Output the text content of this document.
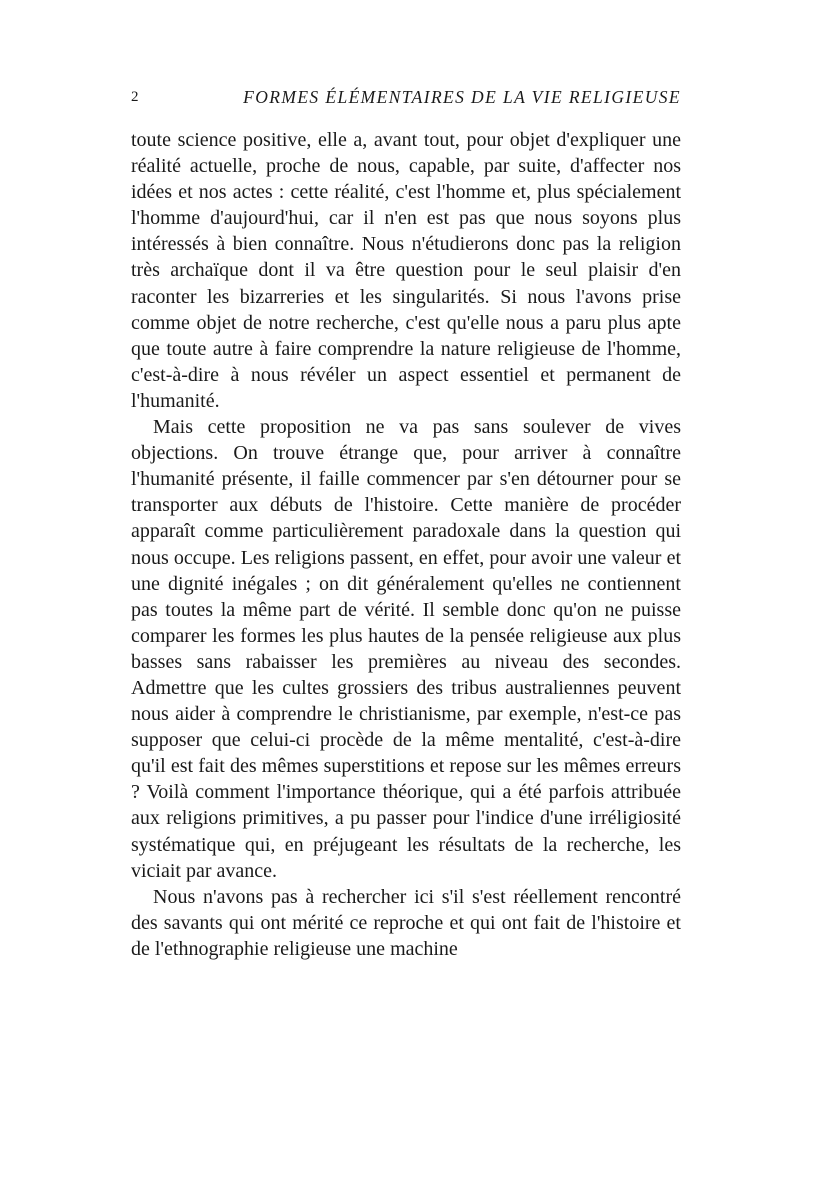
2	FORMES ÉLÉMENTAIRES DE LA VIE RELIGIEUSE

toute science positive, elle a, avant tout, pour objet d'expliquer une réalité actuelle, proche de nous, capable, par suite, d'affecter nos idées et nos actes : cette réalité, c'est l'homme et, plus spécialement l'homme d'aujourd'hui, car il n'en est pas que nous soyons plus intéressés à bien connaître. Nous n'étudierons donc pas la religion très archaïque dont il va être question pour le seul plaisir d'en raconter les bizarreries et les singularités. Si nous l'avons prise comme objet de notre recherche, c'est qu'elle nous a paru plus apte que toute autre à faire comprendre la nature religieuse de l'homme, c'est-à-dire à nous révéler un aspect essentiel et permanent de l'humanité.

Mais cette proposition ne va pas sans soulever de vives objections. On trouve étrange que, pour arriver à connaître l'humanité présente, il faille commencer par s'en détourner pour se transporter aux débuts de l'histoire. Cette manière de procéder apparaît comme particulièrement paradoxale dans la question qui nous occupe. Les religions passent, en effet, pour avoir une valeur et une dignité inégales ; on dit généralement qu'elles ne contiennent pas toutes la même part de vérité. Il semble donc qu'on ne puisse comparer les formes les plus hautes de la pensée religieuse aux plus basses sans rabaisser les premières au niveau des secondes. Admettre que les cultes grossiers des tribus australiennes peuvent nous aider à comprendre le christianisme, par exemple, n'est-ce pas supposer que celui-ci procède de la même mentalité, c'est-à-dire qu'il est fait des mêmes superstitions et repose sur les mêmes erreurs ? Voilà comment l'importance théorique, qui a été parfois attribuée aux religions primitives, a pu passer pour l'indice d'une irréligiosité systématique qui, en préjugeant les résultats de la recherche, les viciait par avance.

Nous n'avons pas à rechercher ici s'il s'est réellement rencontré des savants qui ont mérité ce reproche et qui ont fait de l'histoire et de l'ethnographie religieuse une machine
